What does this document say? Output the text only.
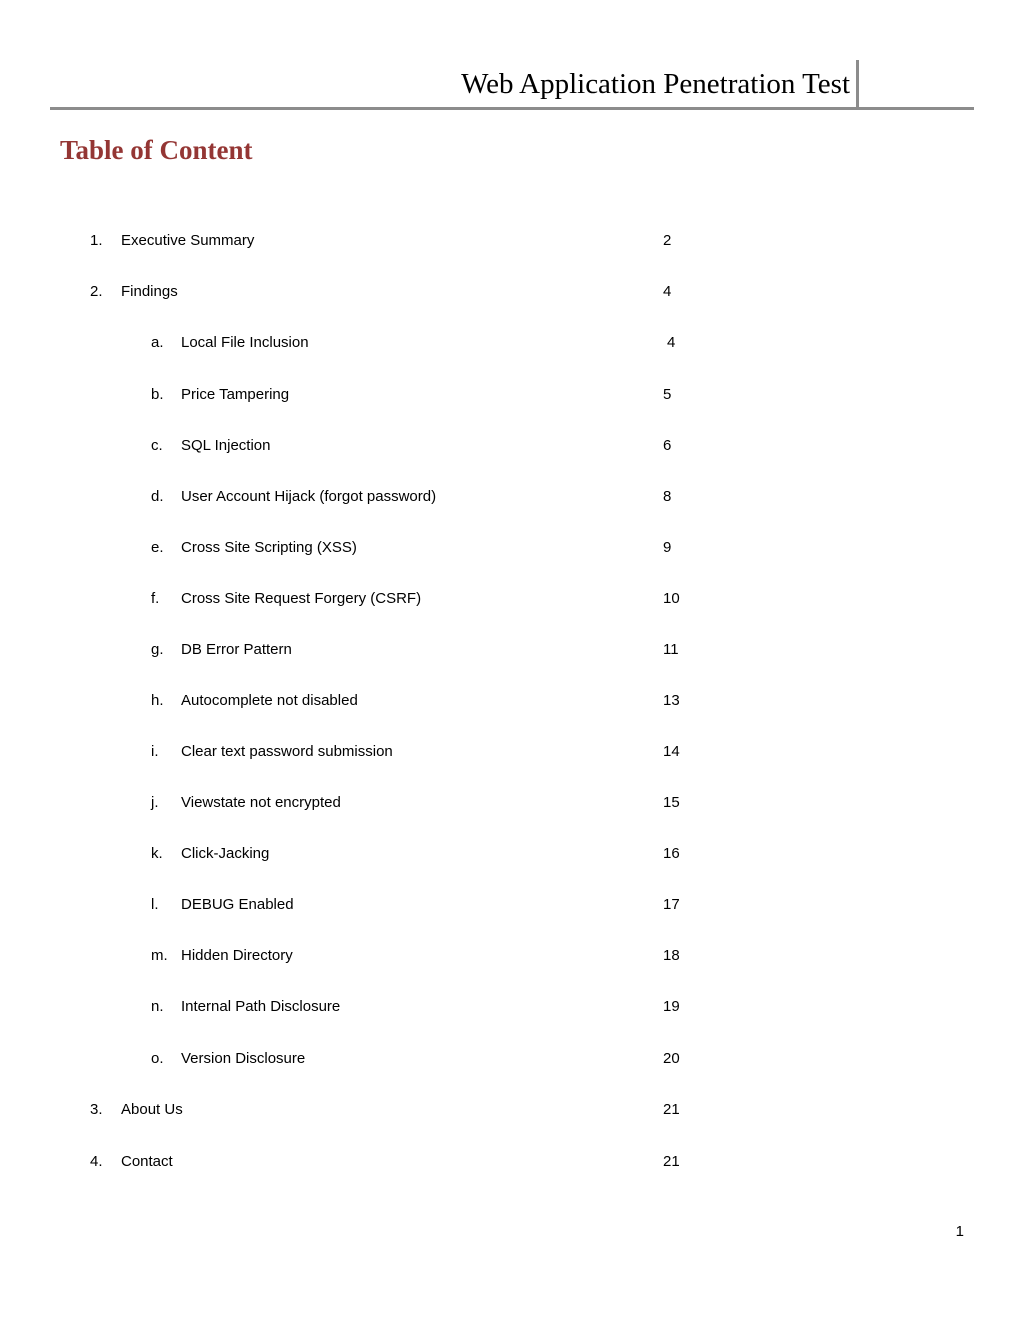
Web Application Penetration Test
Table of Content
1. Executive Summary	2
2. Findings	4
a. Local File Inclusion	4
b. Price Tampering	5
c. SQL Injection	6
d. User Account Hijack (forgot password)	8
e. Cross Site Scripting (XSS)	9
f. Cross Site Request Forgery (CSRF)	10
g. DB Error Pattern	11
h. Autocomplete not disabled	13
i. Clear text password submission	14
j. Viewstate not encrypted	15
k. Click-Jacking	16
l. DEBUG Enabled	17
m. Hidden Directory	18
n. Internal Path Disclosure	19
o. Version Disclosure	20
3. About Us	21
4. Contact	21
1
